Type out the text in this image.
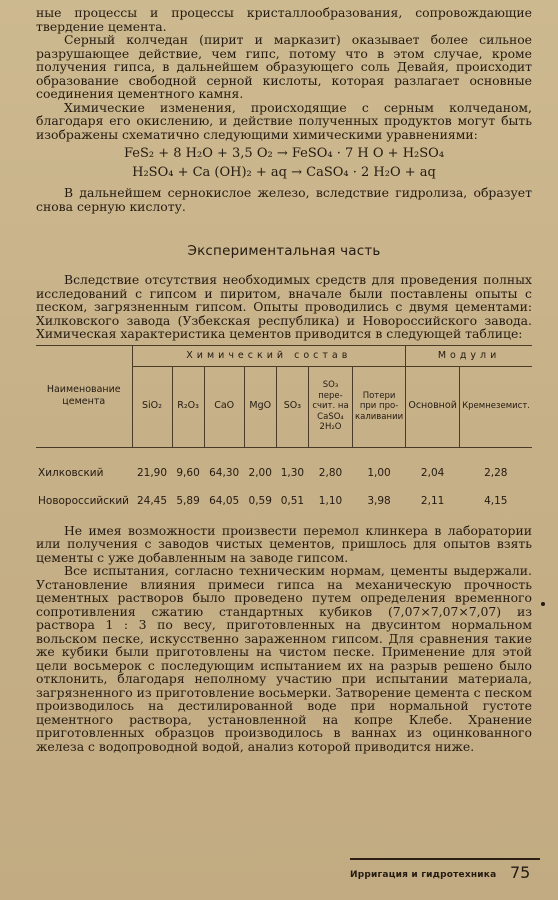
ные процессы и процессы кристаллообразования, сопровождающие твердение цемента.

Серный колчедан (пирит и марказит) оказывает более сильное разрушающее действие, чем гипс, потому что в этом случае, кроме получения гипса, в дальнейшем образующего соль Девайя, происходит образование свободной серной кислоты, которая разлагает основные соединения цементного камня.

Химические изменения, происходящие с серным колчеданом, благодаря его окислению, и действие полученных продуктов могут быть изображены схематично следующими химическими уравнениями:

FeS₂ + 8 H₂O + 3,5 O₂ → FeSO₄ · 7 H O + H₂SO₄
H₂SO₄ + Ca (OH)₂ + aq → CaSO₄ · 2 H₂O + aq

В дальнейшем сернокислое железо, вследствие гидролиза, образует снова серную кислоту.

Экспериментальная часть

Вследствие отсутствия необходимых средств для проведения полных исследований с гипсом и пиритом, вначале были поставлены опыты с песком, загрязненным гипсом. Опыты проводились с двумя цементами: Хилковского завода (Узбекская республика) и Новороссийского завода. Химическая характеристика цементов приводится в следующей таблице:

Наименование цемента	Химический состав							Модули	
	SiO₂	R₂O₃	CaO	MgO	SO₃	SO₃ пере-счит. на CaSO₄ 2H₂O	Потери при про-каливании	Основной	Кремнеземист.

Хилковский	21,90	9,60	64,30	2,00	1,30	2,80	1,00	2,04	2,28

Новороссийский	24,45	5,89	64,05	0,59	0,51	1,10	3,98	2,11	4,15

Не имея возможности произвести перемол клинкера в лаборатории или получения с заводов чистых цементов, пришлось для опытов взять цементы с уже добавленным на заводе гипсом.

Все испытания, согласно техническим нормам, цементы выдержали. Установление влияния примеси гипса на механическую прочность цементных растворов было проведено путем определения временного сопротивления сжатию стандартных кубиков (7,07×7,07×7,07) из раствора 1 : 3 по весу, приготовленных на двусинтом нормальном вольском песке, искусственно зараженном гипсом. Для сравнения такие же кубики были приготовлены на чистом песке. Применение для этой цели восьмерок с последующим испытанием их на разрыв решено было отклонить, благодаря неполному участию при испытании материала, загрязненного из приготовление восьмерки. Затворение цемента с песком производилось на дестилированной воде при нормальной густоте цементного раствора, установленной на копре Клебе. Хранение приготовленных образцов производилось в ваннах из оцинкованного железа с водопроводной водой, анализ которой приводится ниже.

Ирригация и гидротехника 75
